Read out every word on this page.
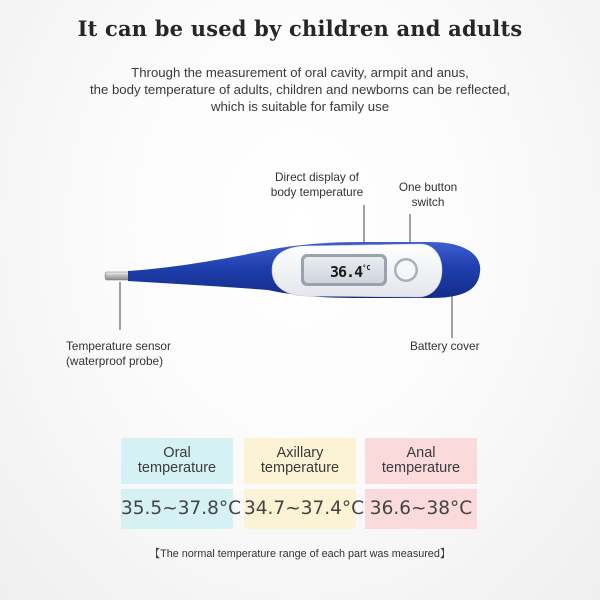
It can be used by children and adults
Through the measurement of oral cavity, armpit and anus,
the body temperature of adults, children and newborns can be reflected,
which is suitable for family use
$36.4^{^\circ C}$
Direct display of
body temperature	One button
switch
Temperature sensor
(waterproof probe)
Battery cover
Oral
temperature
35.5~37.8°C
Axillary
temperature
34.7~37.4°C
Anal
temperature
36.6~38°C
【The normal temperature range of each part was measured】
